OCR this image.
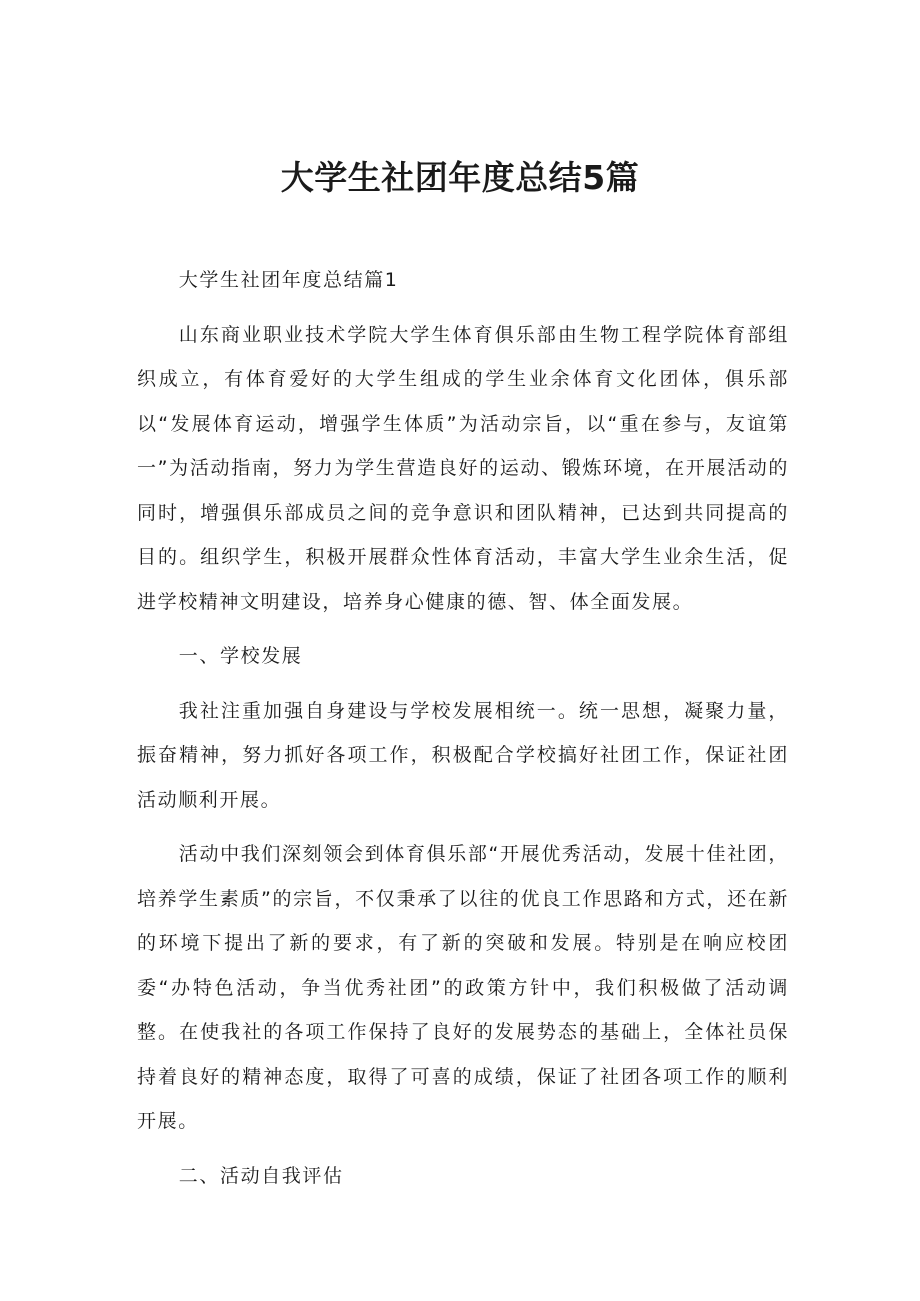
大学生社团年度总结5篇

大学生社团年度总结篇1

山东商业职业技术学院大学生体育俱乐部由生物工程学院体育部组织成立，有体育爱好的大学生组成的学生业余体育文化团体，俱乐部以“发展体育运动，增强学生体质”为活动宗旨，以“重在参与，友谊第一”为活动指南，努力为学生营造良好的运动、锻炼环境，在开展活动的同时，增强俱乐部成员之间的竞争意识和团队精神，已达到共同提高的目的。组织学生，积极开展群众性体育活动，丰富大学生业余生活，促进学校精神文明建设，培养身心健康的德、智、体全面发展。

一、学校发展

我社注重加强自身建设与学校发展相统一。统一思想，凝聚力量，振奋精神，努力抓好各项工作，积极配合学校搞好社团工作，保证社团活动顺利开展。

活动中我们深刻领会到体育俱乐部“开展优秀活动，发展十佳社团，培养学生素质”的宗旨，不仅秉承了以往的优良工作思路和方式，还在新的环境下提出了新的要求，有了新的突破和发展。特别是在响应校团委“办特色活动，争当优秀社团”的政策方针中，我们积极做了活动调整。在使我社的各项工作保持了良好的发展势态的基础上，全体社员保持着良好的精神态度，取得了可喜的成绩，保证了社团各项工作的顺利开展。

二、活动自我评估
